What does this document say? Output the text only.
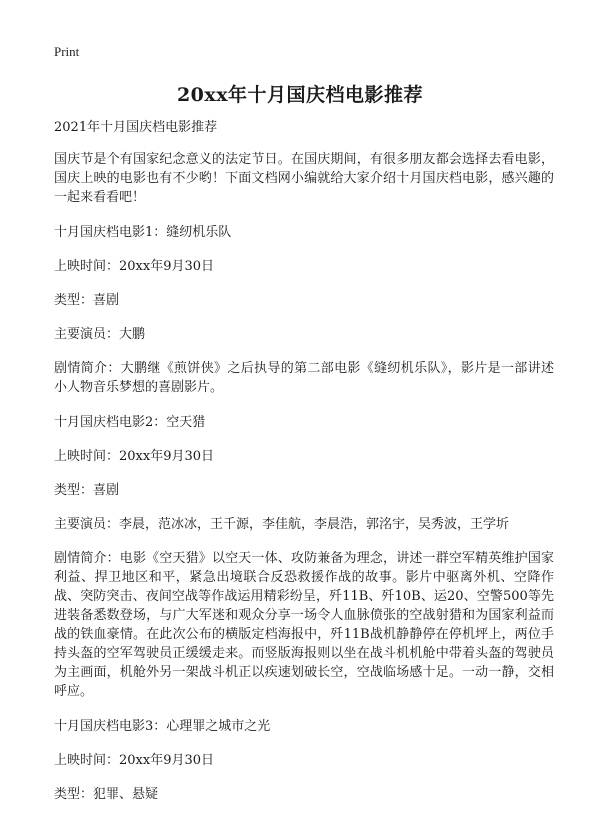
Print
20xx年十月国庆档电影推荐

2021年十月国庆档电影推荐

国庆节是个有国家纪念意义的法定节日。在国庆期间，有很多朋友都会选择去看电影，国庆上映的电影也有不少哟！下面文档网小编就给大家介绍十月国庆档电影，感兴趣的一起来看看吧！

十月国庆档电影1：缝纫机乐队

上映时间：20xx年9月30日

类型：喜剧

主要演员：大鹏

剧情简介：大鹏继《煎饼侠》之后执导的第二部电影《缝纫机乐队》，影片是一部讲述小人物音乐梦想的喜剧影片。

十月国庆档电影2：空天猎

上映时间：20xx年9月30日

类型：喜剧

主要演员：李晨，范冰冰，王千源，李佳航，李晨浩，郭洺宇，吴秀波，王学圻

剧情简介：电影《空天猎》以空天一体、攻防兼备为理念，讲述一群空军精英维护国家利益、捍卫地区和平，紧急出境联合反恐救援作战的故事。影片中驱离外机、空降作战、突防突击、夜间空战等作战运用精彩纷呈，歼11B、歼10B、运20、空警500等先进装备悉数登场，与广大军迷和观众分享一场令人血脉偾张的空战射猎和为国家利益而战的铁血豪情。在此次公布的横版定档海报中，歼11B战机静静停在停机坪上，两位手持头盔的空军驾驶员正缓缓走来。而竖版海报则以坐在战斗机机舱中带着头盔的驾驶员为主画面，机舱外另一架战斗机正以疾速划破长空，空战临场感十足。一动一静，交相呼应。

十月国庆档电影3：心理罪之城市之光

上映时间：20xx年9月30日

类型：犯罪、悬疑
